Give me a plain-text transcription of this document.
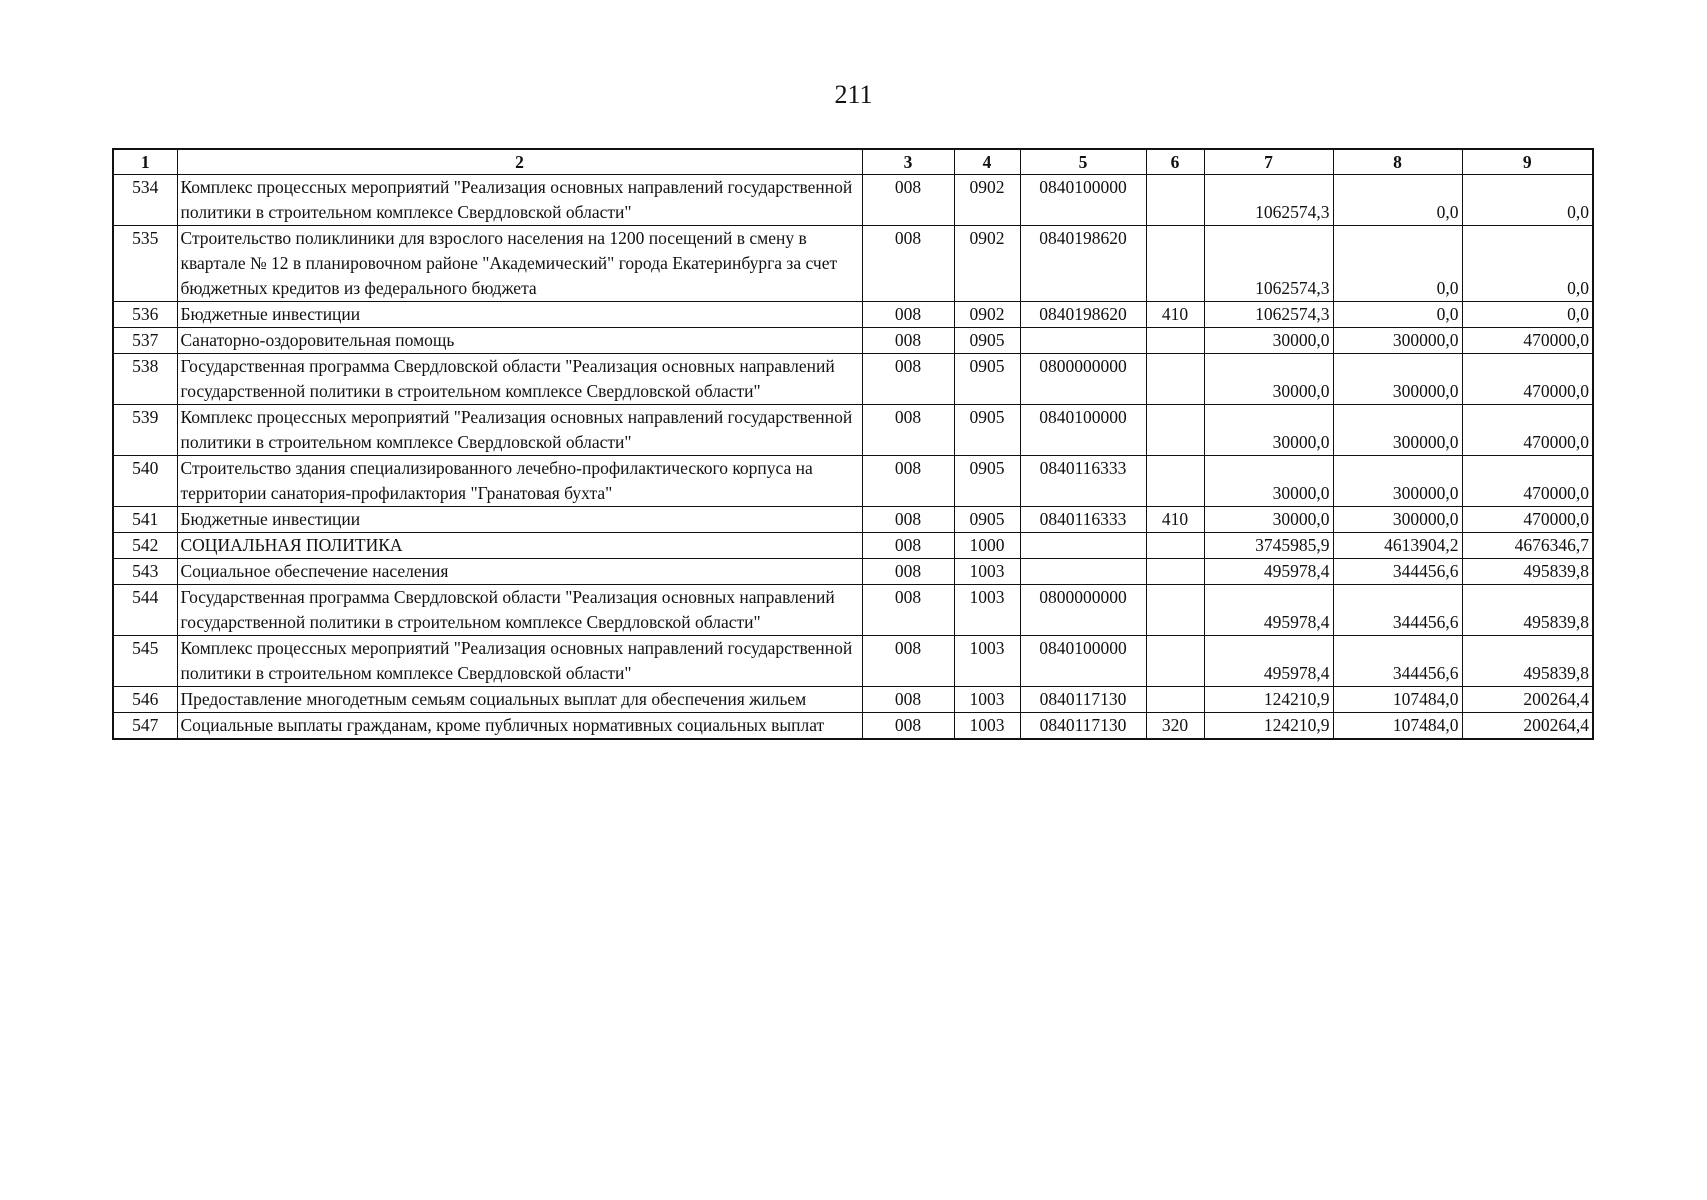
211
1	2	3	4	5	6	7	8	9
534	Комплекс процессных мероприятий "Реализация основных направлений государственной политики в строительном комплексе Свердловской области"	008	0902	0840100000		1062574,3	0,0	0,0
535	Строительство поликлиники для взрослого населения на 1200 посещений в смену в квартале № 12 в планировочном районе "Академический" города Екатеринбурга за счет бюджетных кредитов из федерального бюджета	008	0902	0840198620		1062574,3	0,0	0,0
536	Бюджетные инвестиции	008	0902	0840198620	410	1062574,3	0,0	0,0
537	Санаторно-оздоровительная помощь	008	0905			30000,0	300000,0	470000,0
538	Государственная программа Свердловской области "Реализация основных направлений государственной политики в строительном комплексе Свердловской области"	008	0905	0800000000		30000,0	300000,0	470000,0
539	Комплекс процессных мероприятий "Реализация основных направлений государственной политики в строительном комплексе Свердловской области"	008	0905	0840100000		30000,0	300000,0	470000,0
540	Строительство здания специализированного лечебно-профилактического корпуса на территории санатория-профилактория "Гранатовая бухта"	008	0905	0840116333		30000,0	300000,0	470000,0
541	Бюджетные инвестиции	008	0905	0840116333	410	30000,0	300000,0	470000,0
542	СОЦИАЛЬНАЯ ПОЛИТИКА	008	1000			3745985,9	4613904,2	4676346,7
543	Социальное обеспечение населения	008	1003			495978,4	344456,6	495839,8
544	Государственная программа Свердловской области "Реализация основных направлений государственной политики в строительном комплексе Свердловской области"	008	1003	0800000000		495978,4	344456,6	495839,8
545	Комплекс процессных мероприятий "Реализация основных направлений государственной политики в строительном комплексе Свердловской области"	008	1003	0840100000		495978,4	344456,6	495839,8
546	Предоставление многодетным семьям социальных выплат для обеспечения жильем	008	1003	0840117130		124210,9	107484,0	200264,4
547	Социальные выплаты гражданам, кроме публичных нормативных социальных выплат	008	1003	0840117130	320	124210,9	107484,0	200264,4
